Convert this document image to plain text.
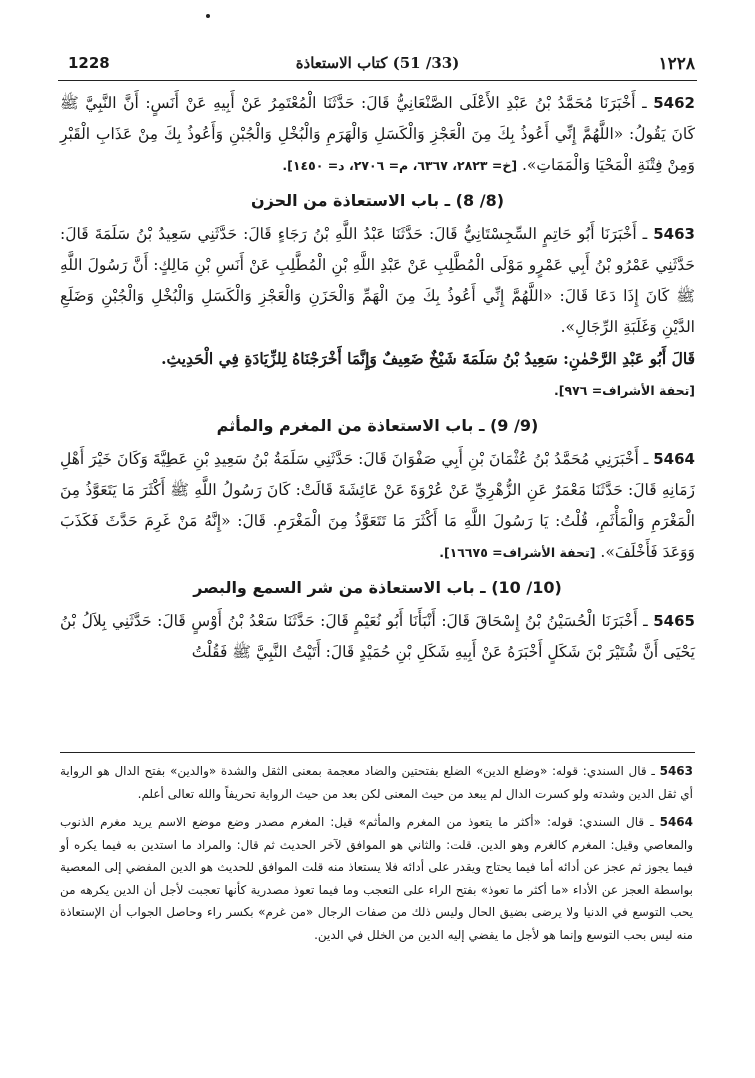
1228	(33/ 51) كتاب الاستعاذة	١٢٢٨

5462 ـ أَخْبَرَنَا مُحَمَّدُ بْنُ عَبْدِ الأَعْلَى الصَّنْعَانِيُّ قَالَ: حَدَّثَنَا الْمُعْتَمِرُ عَنْ أَبِيهِ عَنْ أَنَسٍ: أَنَّ النَّبِيَّ ﷺ كَانَ يَقُولُ: «اللَّهُمَّ إِنِّي أَعُوذُ بِكَ مِنَ الْعَجْزِ وَالْكَسَلِ وَالْهَرَمِ وَالْبُخْلِ وَالْجُبْنِ وَأَعُوذُ بِكَ مِنْ عَذَابِ الْقَبْرِ وَمِنْ فِتْنَةِ الْمَحْيَا وَالْمَمَاتِ». [خ= ٢٨٢٣، ٦٣٦٧، م= ٢٧٠٦، د= ١٤٥٠].

(8/ 8) ـ باب الاستعاذة من الحزن

5463 ـ أَخْبَرَنَا أَبُو حَاتِمٍ السِّجِسْتَانِيُّ قَالَ: حَدَّثَنَا عَبْدُ اللَّهِ بْنُ رَجَاءٍ قَالَ: حَدَّثَنِي سَعِيدُ بْنُ سَلَمَةَ قَالَ: حَدَّثَنِي عَمْرُو بْنُ أَبِي عَمْرٍو مَوْلَى الْمُطَّلِبِ عَنْ عَبْدِ اللَّهِ بْنِ الْمُطَّلِبِ عَنْ أَنَسِ بْنِ مَالِكٍ: أَنَّ رَسُولَ اللَّهِ ﷺ كَانَ إِذَا دَعَا قَالَ: «اللَّهُمَّ إِنِّي أَعُوذُ بِكَ مِنَ الْهَمِّ وَالْحَزَنِ وَالْعَجْزِ وَالْكَسَلِ وَالْبُخْلِ وَالْجُبْنِ وَضَلَعِ الدَّيْنِ وَغَلَبَةِ الرِّجَالِ».

قَالَ أَبُو عَبْدِ الرَّحْمٰنِ: سَعِيدُ بْنُ سَلَمَةَ شَيْخٌ ضَعِيفٌ وَإِنَّمَا أَخْرَجْنَاهُ لِلزِّيَادَةِ فِي الْحَدِيثِ.

[تحفة الأشراف= ٩٧٦].

(9/ 9) ـ باب الاستعاذة من المغرم والمأثم

5464 ـ أَخْبَرَنِي مُحَمَّدُ بْنُ عُثْمَانَ بْنِ أَبِي صَفْوَانَ قَالَ: حَدَّثَنِي سَلَمَةُ بْنُ سَعِيدِ بْنِ عَطِيَّةَ وَكَانَ خَيْرَ أَهْلِ زَمَانِهِ قَالَ: حَدَّثَنَا مَعْمَرٌ عَنِ الزُّهْرِيِّ عَنْ عُرْوَةَ عَنْ عَائِشَةَ قَالَتْ: كَانَ رَسُولُ اللَّهِ ﷺ أَكْثَرَ مَا يَتَعَوَّذُ مِنَ الْمَغْرَمِ وَالْمَأْثَمِ، قُلْتُ: يَا رَسُولَ اللَّهِ مَا أَكْثَرَ مَا تَتَعَوَّذُ مِنَ الْمَغْرَمِ. قَالَ: «إِنَّهُ مَنْ غَرِمَ حَدَّثَ فَكَذَبَ وَوَعَدَ فَأَخْلَفَ». [تحفة الأشراف= ١٦٦٧٥].

(10/ 10) ـ باب الاستعاذة من شر السمع والبصر

5465 ـ أَخْبَرَنَا الْحُسَيْنُ بْنُ إِسْحَاقَ قَالَ: أَنْبَأَنَا أَبُو نُعَيْمٍ قَالَ: حَدَّثَنَا سَعْدُ بْنُ أَوْسٍ قَالَ: حَدَّثَنِي بِلاَلُ بْنُ يَحْيَى أَنَّ شُتَيْرَ بْنَ شَكَلٍ أَخْبَرَهُ عَنْ أَبِيهِ شَكَلِ بْنِ حُمَيْدٍ قَالَ: أَتَيْتُ النَّبِيَّ ﷺ فَقُلْتُ

5463 ـ قال السندي: قوله: «وضلع الدين» الضلع بفتحتين والضاد معجمة بمعنى الثقل والشدة «والدين» بفتح الدال هو الرواية أي ثقل الدين وشدته ولو كسرت الدال لم يبعد من حيث المعنى لكن بعد من حيث الرواية تحريفاً والله تعالى أعلم.

5464 ـ قال السندي: قوله: «أكثر ما يتعوذ من المغرم والمأثم» قيل: المغرم مصدر وضع موضع الاسم يريد مغرم الذنوب والمعاصي وقيل: المغرم كالغرم وهو الدين. قلت: والثاني هو الموافق لآخر الحديث ثم قال: والمراد ما استدين به فيما يكره أو فيما يجوز ثم عجز عن أدائه أما فيما يحتاج ويقدر على أدائه فلا يستعاذ منه قلت الموافق للحديث هو الدين المفضي إلى المعصية بواسطة العجز عن الأداء «ما أكثر ما تعوذ» بفتح الراء على التعجب وما فيما تعوذ مصدرية كأنها تعجبت لأجل أن الدين يكرهه من يحب التوسع في الدنيا ولا يرضى بضيق الحال وليس ذلك من صفات الرجال «من غرم» بكسر راء وحاصل الجواب أن الإستعاذة منه ليس بحب التوسع وإنما هو لأجل ما يفضي إليه الدين من الخلل في الدين.
